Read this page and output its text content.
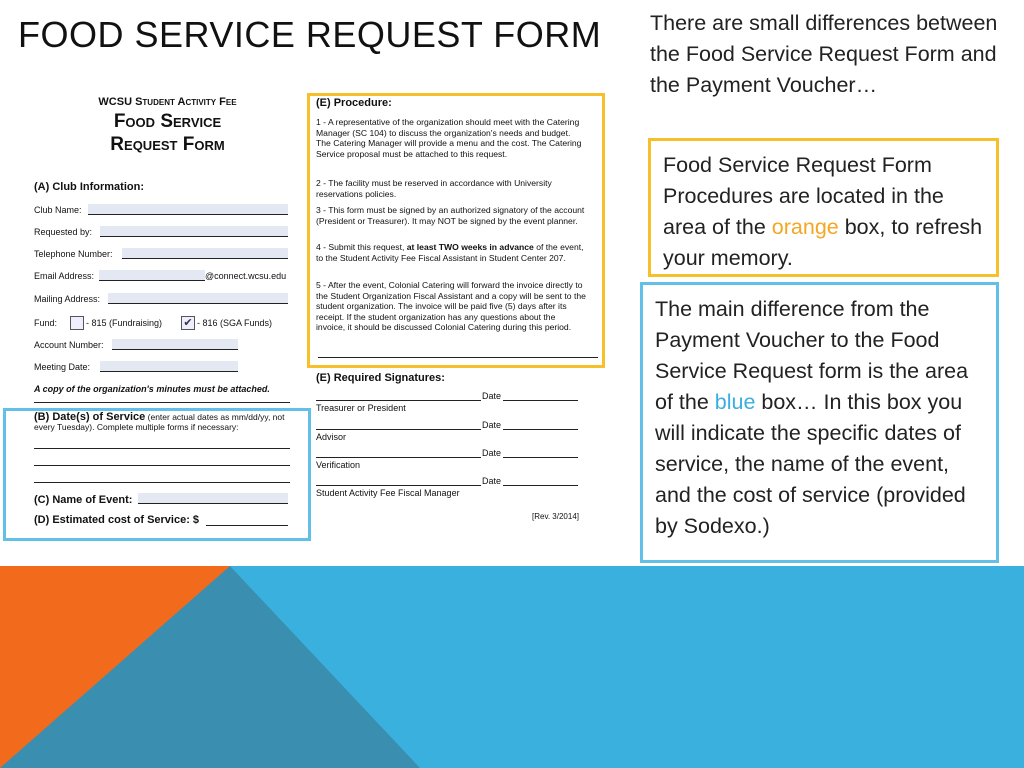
FOOD SERVICE REQUEST FORM
WCSU Student Activity Fee
Food Service Request Form
(A) Club Information:
Club Name:
Requested by:
Telephone Number:
Email Address:	@connect.wcsu.edu
Mailing Address:
Fund:	- 815 (Fundraising) ✔ - 816 (SGA Funds)
Account Number:
Meeting Date:
A copy of the organization's minutes must be attached.
(B) Date(s) of Service (enter actual dates as mm/dd/yy, not every Tuesday). Complete multiple forms if necessary:
(C) Name of Event:
(D) Estimated cost of Service: $
(E) Procedure:
1 - A representative of the organization should meet with the Catering Manager (SC 104) to discuss the organization's needs and budget. The Catering Manager will provide a menu and the cost. The Catering Service proposal must be attached to this request.
2 - The facility must be reserved in accordance with University reservations policies.
3 - This form must be signed by an authorized signatory of the account (President or Treasurer). It may NOT be signed by the event planner.
4 - Submit this request, at least TWO weeks in advance of the event, to the Student Activity Fee Fiscal Assistant in Student Center 207.
5 - After the event, Colonial Catering will forward the invoice directly to the Student Organization Fiscal Assistant and a copy will be sent to the student organization. The invoice will be paid five (5) days after its receipt. If the student organization has any questions about the invoice, it should be discussed Colonial Catering during this period.
(E) Required Signatures:
Date
Treasurer or President
Date
Advisor
Date
Verification
Date
Student Activity Fee Fiscal Manager
[Rev. 3/2014]
There are small differences between the Food Service Request Form and the Payment Voucher…
Food Service Request Form Procedures are located in the area of the orange box, to refresh your memory.
The main difference from the Payment Voucher to the Food Service Request form is the area of the blue box… In this box you will indicate the specific dates of service, the name of the event, and the cost of service (provided by Sodexo.)
